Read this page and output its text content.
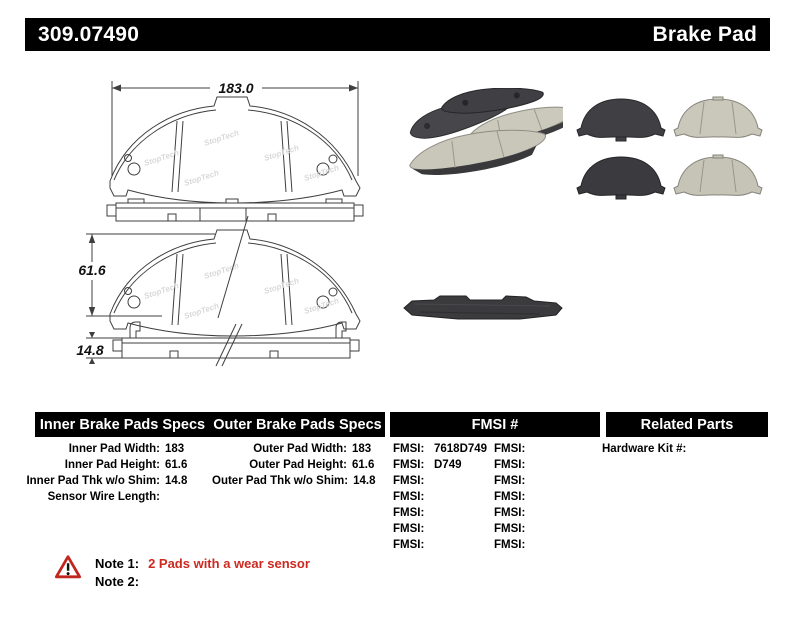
309.07490	Brake Pad
183.0
StopTech
StopTech
StopTech
StopTech
StopTech
61.6
14.8
Inner Brake Pads Specs Outer Brake Pads Specs	FMSI #	Related Parts
Inner Pad Width: 183
Inner Pad Height: 61.6
Inner Pad Thk w/o Shim: 14.8
Sensor Wire Length:
Outer Pad Width: 183
Outer Pad Height: 61.6
Outer Pad Thk w/o Shim: 14.8
FMSI: 7618D749
FMSI: D749
FMSI:
FMSI:
FMSI:
FMSI:
FMSI:
FMSI:
FMSI:
FMSI:
FMSI:
FMSI:
FMSI:
FMSI:
Hardware Kit #:
Note 1: 2 Pads with a wear sensor
Note 2:
